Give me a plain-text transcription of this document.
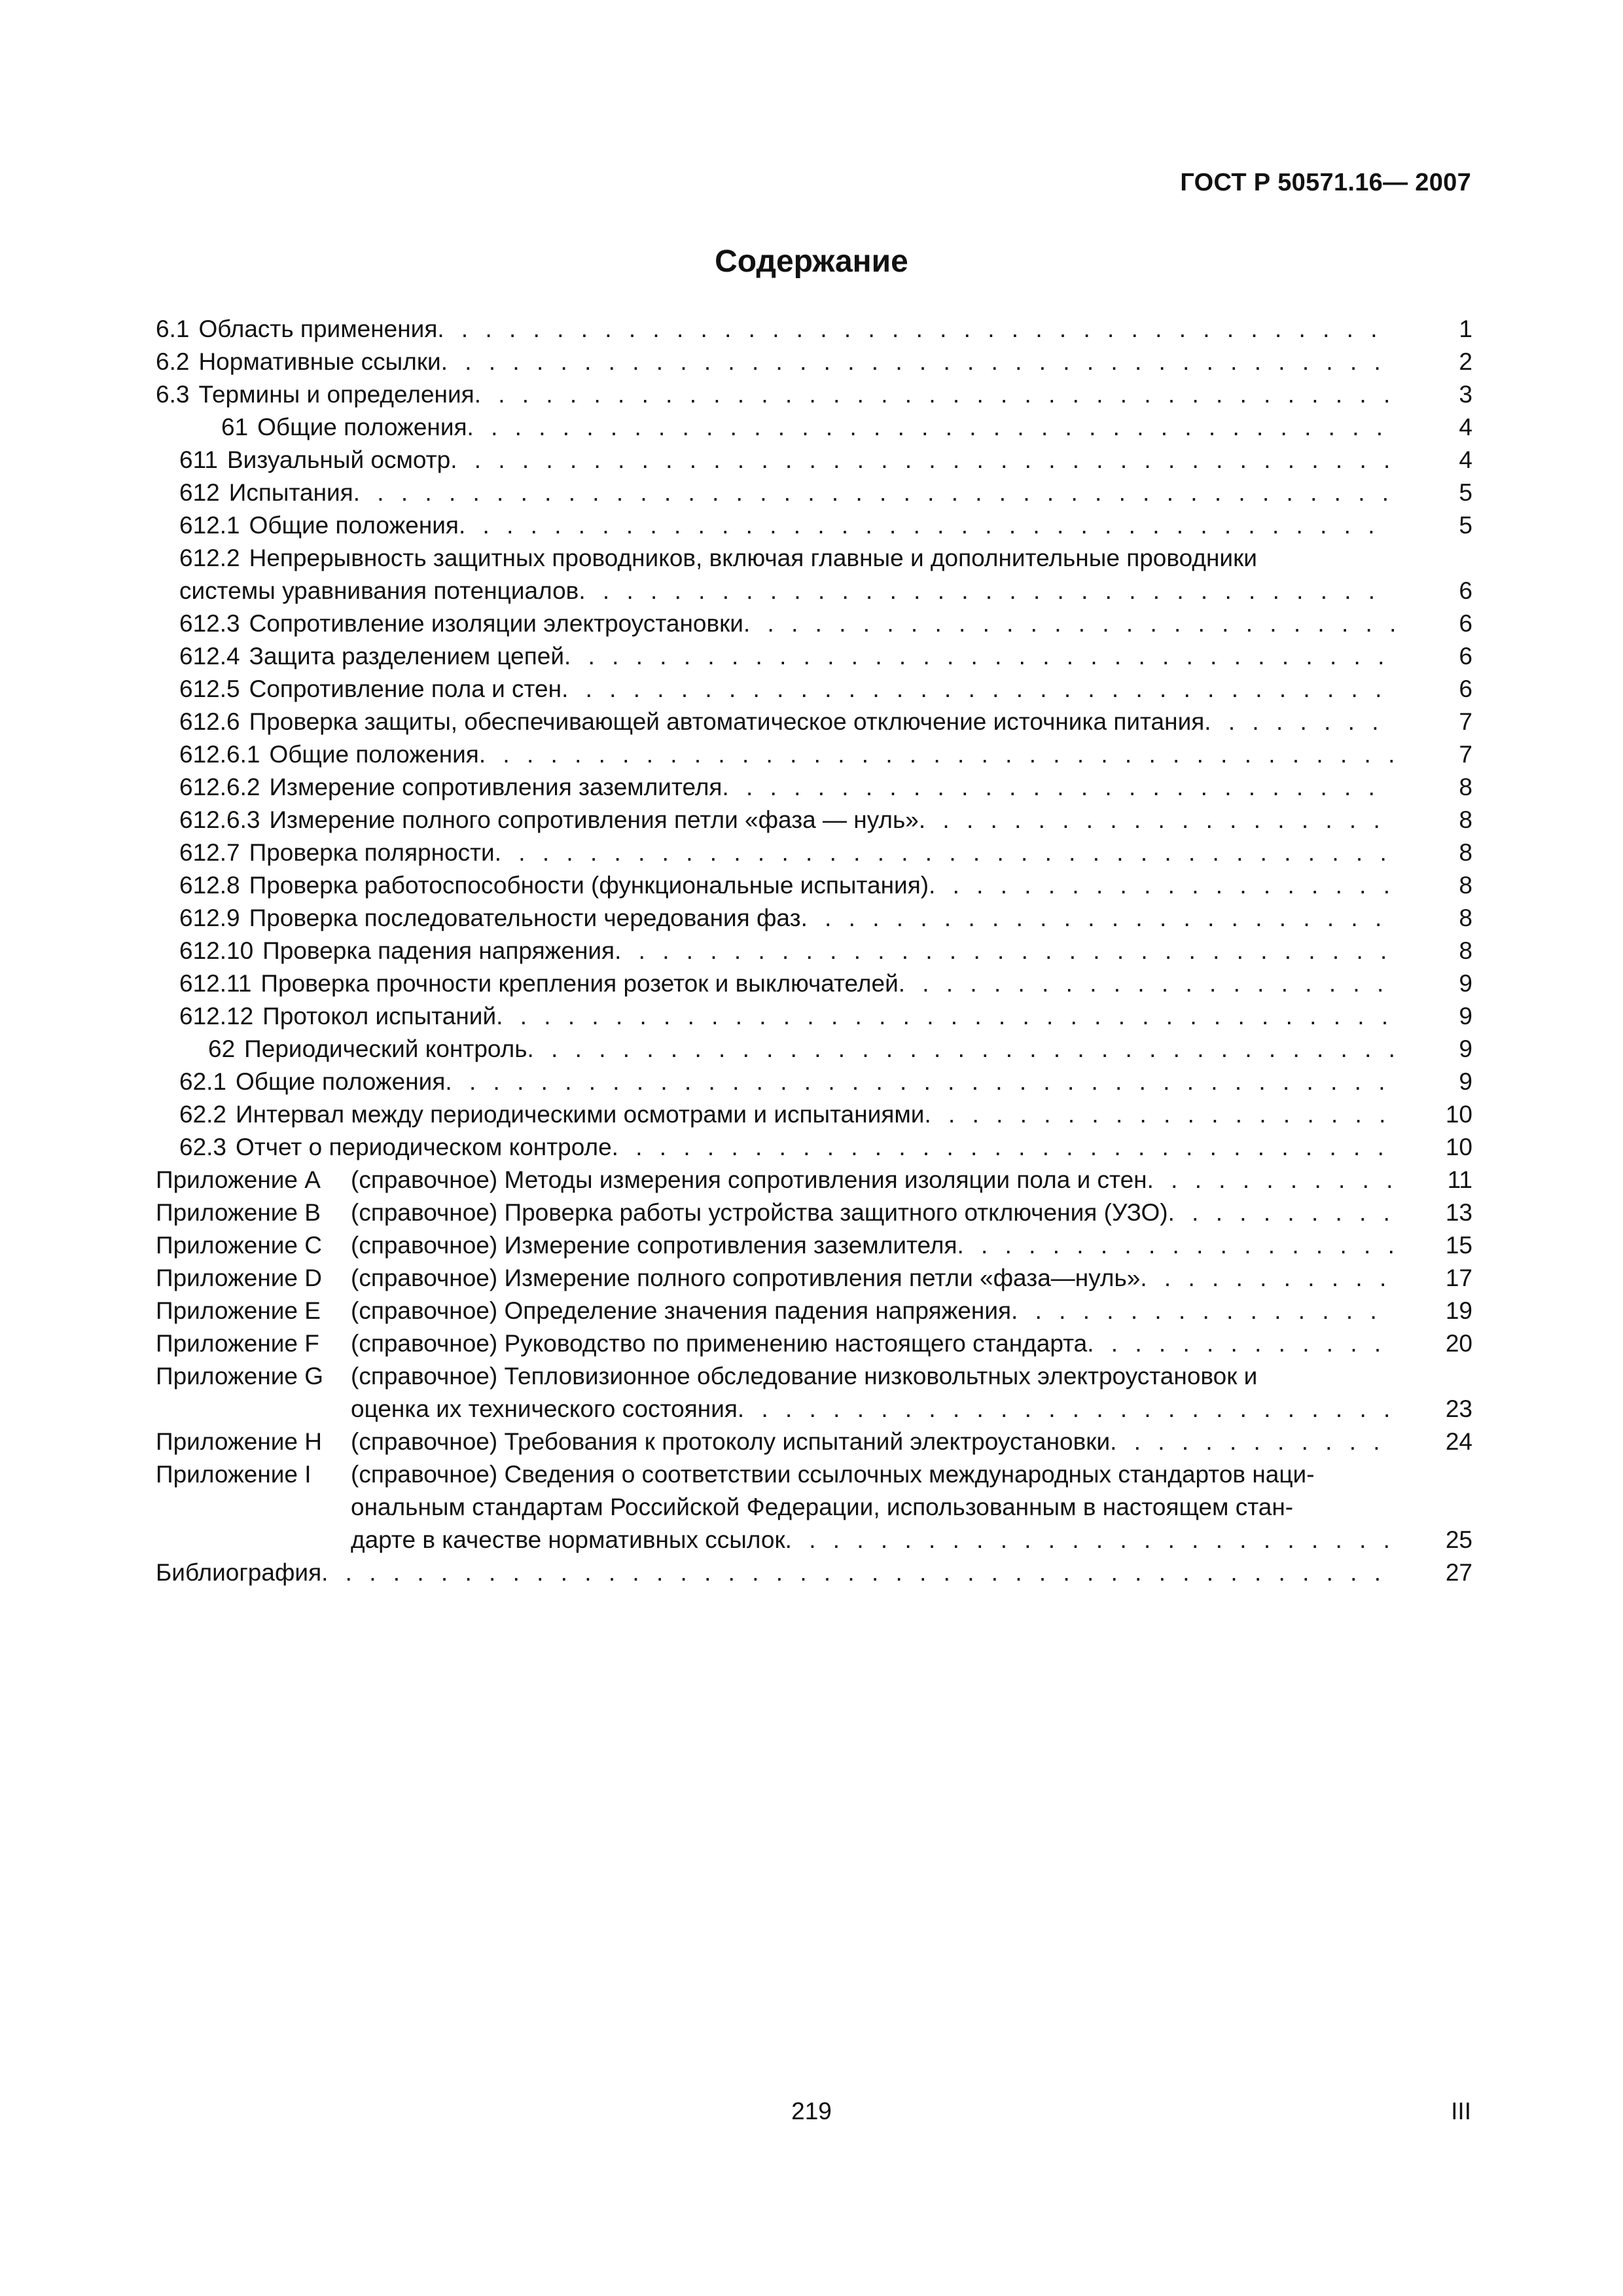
ГОСТ Р 50571.16— 2007
Содержание
6.1 Область применения . . .	1
6.2 Нормативные ссылки . . .	2
6.3 Термины и определения . . .	3
61 Общие положения . . .	4
611 Визуальный осмотр . . .	4
612 Испытания . . .	5
612.1 Общие положения . . .	5
612.2 Непрерывность защитных проводников, включая главные и дополнительные проводники
системы уравнивания потенциалов . . .	6
612.3 Сопротивление изоляции электроустановки . . .	6
612.4 Защита разделением цепей . . .	6
612.5 Сопротивление пола и стен . . .	6
612.6 Проверка защиты, обеспечивающей автоматическое отключение источника питания . . .	7
612.6.1 Общие положения . . .	7
612.6.2 Измерение сопротивления заземлителя . . .	8
612.6.3 Измерение полного сопротивления петли «фаза — нуль» . . .	8
612.7 Проверка полярности . . .	8
612.8 Проверка работоспособности (функциональные испытания) . . .	8
612.9 Проверка последовательности чередования фаз . . .	8
612.10 Проверка падения напряжения . . .	8
612.11 Проверка прочности крепления розеток и выключателей . . .	9
612.12 Протокол испытаний . . .	9
62 Периодический контроль . . .	9
62.1 Общие положения . . .	9
62.2 Интервал между периодическими осмотрами и испытаниями . . .	10
62.3 Отчет о периодическом контроле . . .	10
Приложение A	(справочное) Методы измерения сопротивления изоляции пола и стен . . .	11
Приложение B	(справочное) Проверка работы устройства защитного отключения (УЗО) . . .	13
Приложение C	(справочное) Измерение сопротивления заземлителя . . .	15
Приложение D	(справочное) Измерение полного сопротивления петли «фаза—нуль» . . .	17
Приложение E	(справочное) Определение значения падения напряжения . . .	19
Приложение F	(справочное) Руководство по применению настоящего стандарта . . .	20
Приложение G	(справочное) Тепловизионное обследование низковольтных электроустановок и
оценка их технического состояния . . .	23
Приложение H	(справочное) Требования к протоколу испытаний электроустановки . . .	24
Приложение I	(справочное) Сведения о соответствии ссылочных международных стандартов наци-
ональным стандартам Российской Федерации, использованным в настоящем стан-
дарте в качестве нормативных ссылок . . .	25
Библиография . . .	27
219	III
